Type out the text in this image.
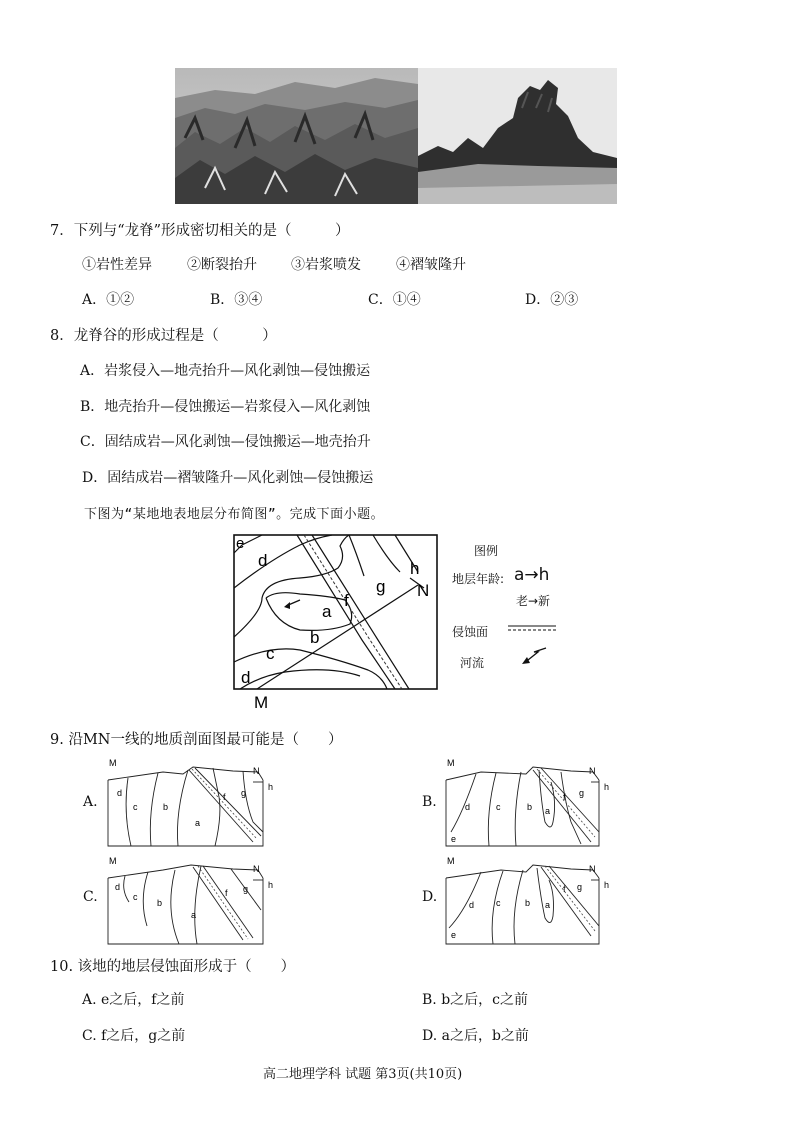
7．下列与“龙脊”形成密切相关的是（　　　）
①岩性差异	②断裂抬升 ③岩浆喷发	④褶皱隆升
A．①②	B．③④	C．①④	D．②③
8．龙脊谷的形成过程是（　　　）
A．岩浆侵入—地壳抬升—风化剥蚀—侵蚀搬运
B．地壳抬升—侵蚀搬运—岩浆侵入—风化剥蚀
C．固结成岩—风化剥蚀—侵蚀搬运—地壳抬升
D．固结成岩—褶皱隆升—风化剥蚀—侵蚀搬运
下图为“某地地表地层分布简图”。完成下面小题。
e
d
a
f
g
h
N
b
c
d
M
图例
地层年龄: a→h
老→新
侵蚀面
河流
9. 沿MN一线的地质剖面图最可能是（　　）
A.	B.
C.	D.
M
N
h
d
c	b
a
f g
M
N
h
d	c	b a
f g
e
M
N
h
d
c
b
a
f g
M
N
h
d c	b a
f g
e
10. 该地的地层侵蚀面形成于（　　）
A. e之后，f之前	B. b之后，c之前
C. f之后，g之前	D. a之后，b之前
高二地理学科 试题 第3页(共10页)
